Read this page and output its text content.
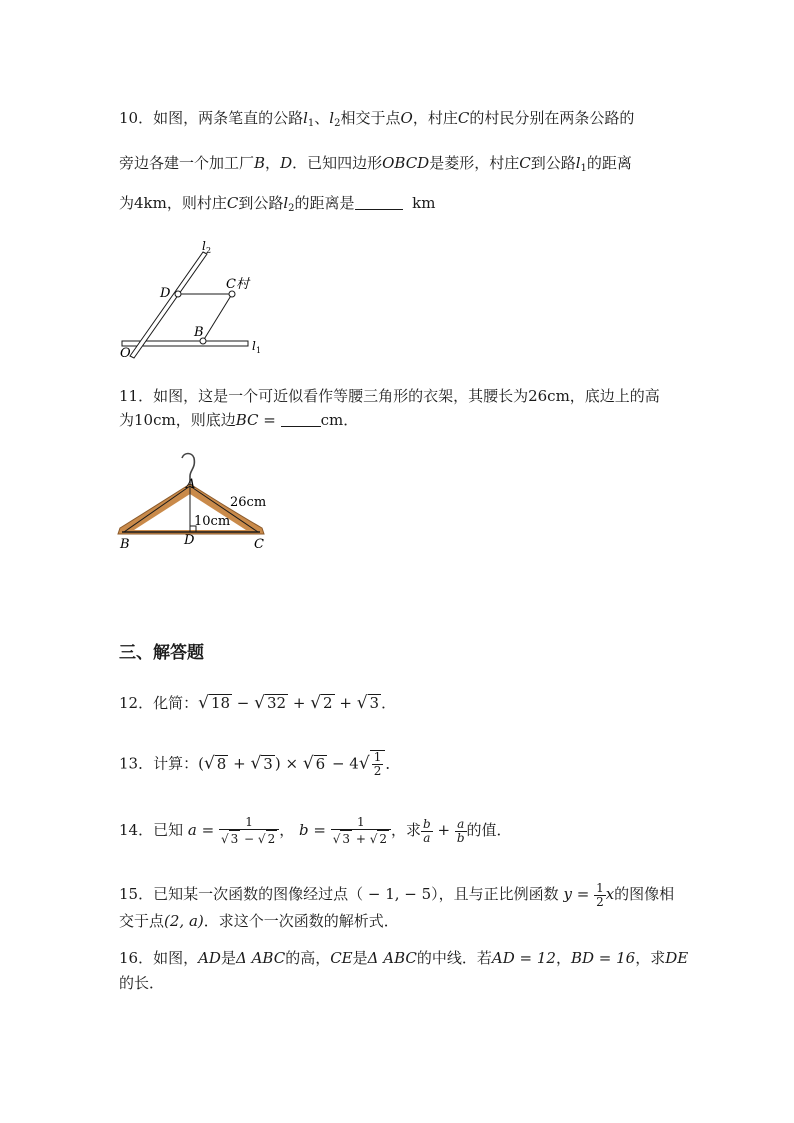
10．如图，两条笔直的公路$l_1$、$l_2$相交于点O，村庄C的村民分别在两条公路的
旁边各建一个加工厂B，D．已知四边形OBCD是菱形，村庄C到公路$l_1$的距离
为4km，则村庄C到公路$l_2$的距离是	km
l 2
D
C村
B
l 1
O
11．如图，这是一个可近似看作等腰三角形的衣架，其腰长为26cm，底边上的高
为10cm，则底边BC =	cm．
A
26cm
10cm
B	D	C
三、解答题
12．化简：√ 18 − √ 32 + √ 2 + √ 3 ．
13．计算：(√ 8 + √ 3 ) × √ $6 - 4√ \frac{1}{2}$ ．
14．已知 $a = \frac{1}{√ 3 - √ 2}$ ， $b = \frac{1}{√ 3 + √ 2}$ ，求 $\frac{b}{a} + \frac{a}{b}$ 的值．
15．已知某一次函数的图像经过点（ − 1, − 5），且与正比例函数 $y = \frac{1}{2}$ x的图像相
交于点(2, a)．求这个一次函数的解析式．
16．如图，AD是Δ ABC的高，CE是Δ ABC的中线．若AD = 12，BD = 16，求DE
的长．
